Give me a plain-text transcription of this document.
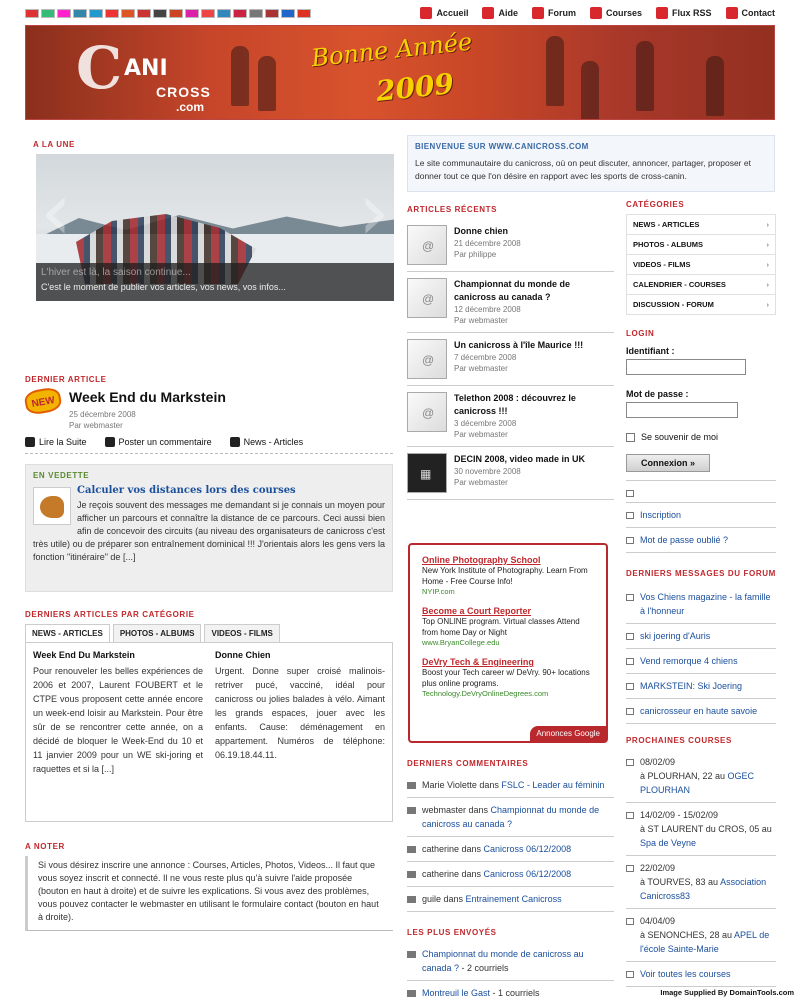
Accueil	Aide	Forum	Courses	Flux RSS	Contact
C ANI
CROSS
.com
Bonne Année
2009
A LA UNE
‹	›
L'hiver est là, la saison continue...
C'est le moment de publier vos articles, vos news, vos infos...
DERNIER ARTICLE
NEW Week End du Markstein
25 décembre 2008
Par webmaster
Lire la Suite	Poster un commentaire	News - Articles
EN VEDETTE
Calculer vos distances lors des courses
Je reçois souvent des messages me demandant si je connais un moyen pour afficher un parcours et connaître la distance de ce parcours. Ceci aussi bien afin de concevoir des circuits (au niveau des organisateurs de canicross c'est très utile) ou de préparer son entraînement dominical !!! J'orientais alors les gens vers la fonction "itinéraire" de [...]
DERNIERS ARTICLES PAR CATÉGORIE
NEWS - ARTICLES	PHOTOS - ALBUMS	VIDEOS - FILMS
Week End Du Markstein

Pour renouveler les belles expériences de 2006 et 2007, Laurent FOUBERT et le CTPE vous proposent cette année encore un week-end loisir au Markstein. Pour être sûr de se rencontrer cette année, on a décidé de bloquer le Week-End du 10 et 11 janvier 2009 pour un WE ski-joring et raquettes et si la [...]

Donne Chien

Urgent. Donne super croisé malinois-retriver pucé, vacciné, idéal pour canicross ou jolies balades à vélo. Aimant les grands espaces, jouer avec les enfants. Cause: déménagement en appartement. Numéros de téléphone: 06.19.18.44.11.

A NOTER
Si vous désirez inscrire une annonce : Courses, Articles, Photos, Videos... Il faut que vous soyez inscrit et connecté. Il ne vous reste plus qu'à suivre l'aide proposée (bouton en haut à droite) et de suivre les explications. Si vous avez des problèmes, vous pouvez contacter le webmaster en utilisant le formulaire contact (bouton en haut à droite).
BIENVENUE SUR WWW.CANICROSS.COM
Le site communautaire du canicross, où on peut discuter, annoncer, partager, proposer et donner tout ce que l'on désire en rapport avec les sports de cross-canin.
ARTICLES RÉCENTS
@
Donne chien
21 décembre 2008
Par philippe
@
Championnat du monde de canicross au canada ?
12 décembre 2008
Par webmaster
@
Un canicross à l'île Maurice !!!
7 décembre 2008
Par webmaster
@
Telethon 2008 : découvrez le canicross !!!
3 décembre 2008
Par webmaster
▦
DECIN 2008, video made in UK
30 novembre 2008
Par webmaster
Online Photography School
New York Institute of Photography. Learn From Home - Free Course Info!
NYIP.com
Become a Court Reporter
Top ONLINE program. Virtual classes Attend from home Day or Night
www.BryanCollege.edu
DeVry Tech & Engineering
Boost your Tech career w/ DeVry. 90+ locations plus online programs.
Technology.DeVryOnlineDegrees.com
Annonces Google
DERNIERS COMMENTAIRES
Marie Violette dans FSLC - Leader au féminin
webmaster dans Championnat du monde de canicross au canada ?
catherine dans Canicross 06/12/2008
catherine dans Canicross 06/12/2008
guile dans Entrainement Canicross
LES PLUS ENVOYÉS
Championnat du monde de canicross au canada ? - 2 courriels
Montreuil le Gast - 1 courriels
CATÉGORIES
NEWS - ARTICLES	›
PHOTOS - ALBUMS	›
VIDEOS - FILMS	›
CALENDRIER - COURSES	›
DISCUSSION - FORUM	›
LOGIN
Identifiant :
Mot de passe :
Se souvenir de moi
Connexion »
Inscription
Mot de passe oublié ?
DERNIERS MESSAGES DU FORUM
Vos Chiens magazine - la famille à l'honneur
ski joering d'Auris
Vend remorque 4 chiens
MARKSTEIN: Ski Joering
canicrosseur en haute savoie
PROCHAINES COURSES
08/02/09
à PLOURHAN, 22 au OGEC PLOURHAN
14/02/09 - 15/02/09
à ST LAURENT du CROS, 05 au Spa de Veyne
22/02/09
à TOURVES, 83 au Association Canicross83
04/04/09
à SENONCHES, 28 au APEL de l'école Sainte-Marie
Voir toutes les courses
Image Supplied By DomainTools.com
